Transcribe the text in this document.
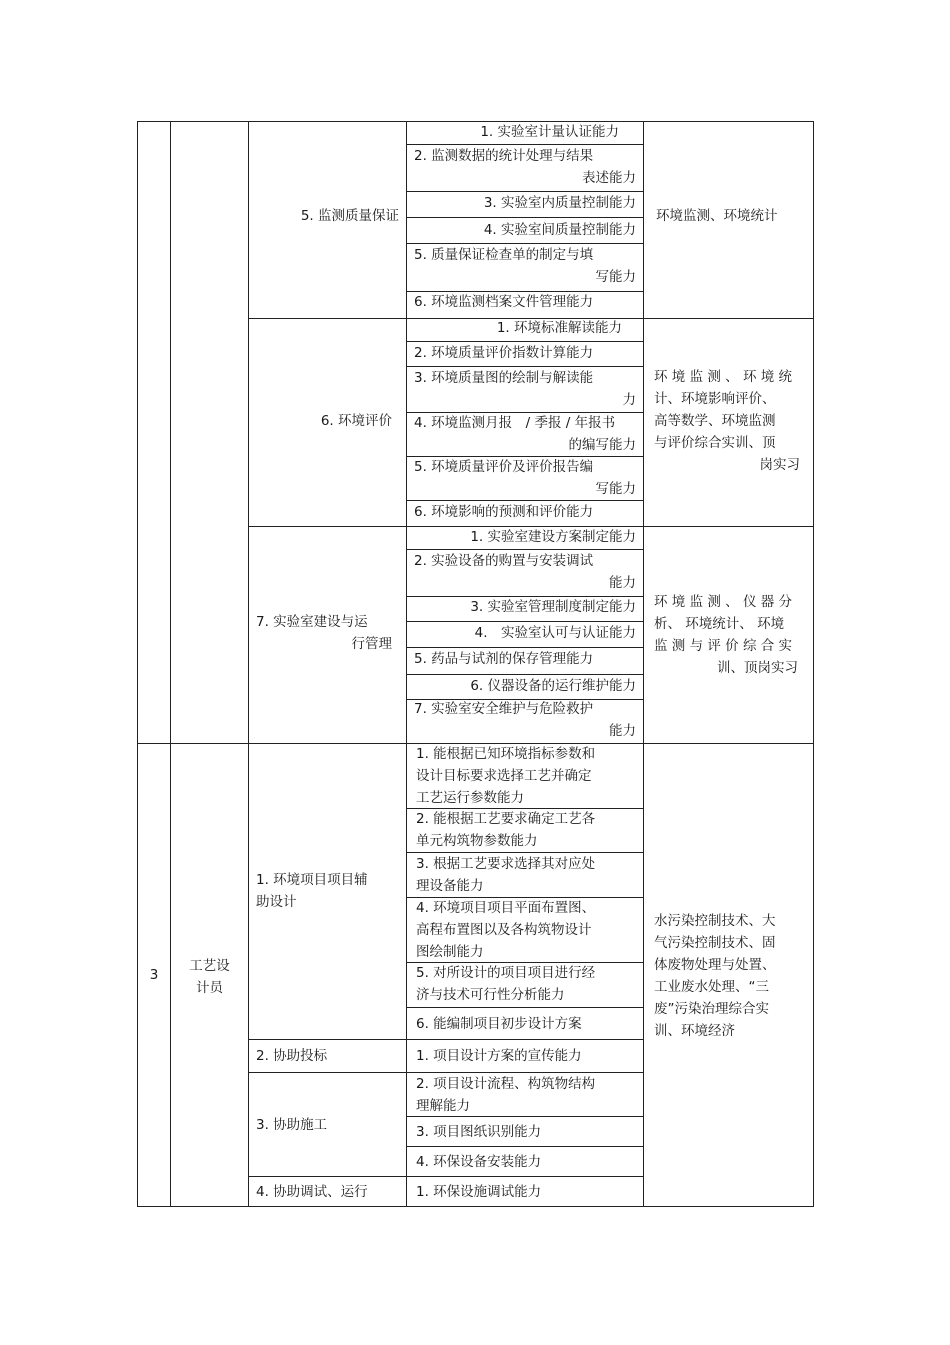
5. 监测质量保证
1. 实验室计量认证能力
2. 监测数据的统计处理与结果
表述能力
3. 实验室内质量控制能力
4. 实验室间质量控制能力
5. 质量保证检查单的制定与填
写能力
6. 环境监测档案文件管理能力
环境监测、环境统计
6. 环境评价
1. 环境标准解读能力
2. 环境质量评价指数计算能力
3. 环境质量图的绘制与解读能
力
4. 环境监测月报　/ 季报 / 年报书
的编写能力
5. 环境质量评价及评价报告编
写能力
6. 环境影响的预测和评价能力
环 境 监 测 、 环 境 统
计、环境影响评价、
高等数学、环境监测
与评价综合实训、顶
岗实习
7. 实验室建设与运
行管理
1. 实验室建设方案制定能力
2. 实验设备的购置与安装调试
能力
3. 实验室管理制度制定能力
4.　实验室认可与认证能力
5. 药品与试剂的保存管理能力
6. 仪器设备的运行维护能力
7. 实验室安全维护与危险救护
能力
环 境 监 测 、 仪 器 分
析、 环境统计、 环境
监 测 与 评 价 综 合 实
训、顶岗实习
3
工艺设
计员
1. 环境项目项目辅
助设计
1. 能根据已知环境指标参数和
设计目标要求选择工艺并确定
工艺运行参数能力
2. 能根据工艺要求确定工艺各
单元构筑物参数能力
3. 根据工艺要求选择其对应处
理设备能力
4. 环境项目项目平面布置图、
高程布置图以及各构筑物设计
图绘制能力
5. 对所设计的项目项目进行经
济与技术可行性分析能力
6. 能编制项目初步设计方案
2. 协助投标	1. 项目设计方案的宣传能力
3. 协助施工
2. 项目设计流程、构筑物结构
理解能力
3. 项目图纸识别能力
4. 环保设备安装能力
4. 协助调试、运行	1. 环保设施调试能力
水污染控制技术、大
气污染控制技术、固
体废物处理与处置、
工业废水处理、“三
废”污染治理综合实
训、环境经济
